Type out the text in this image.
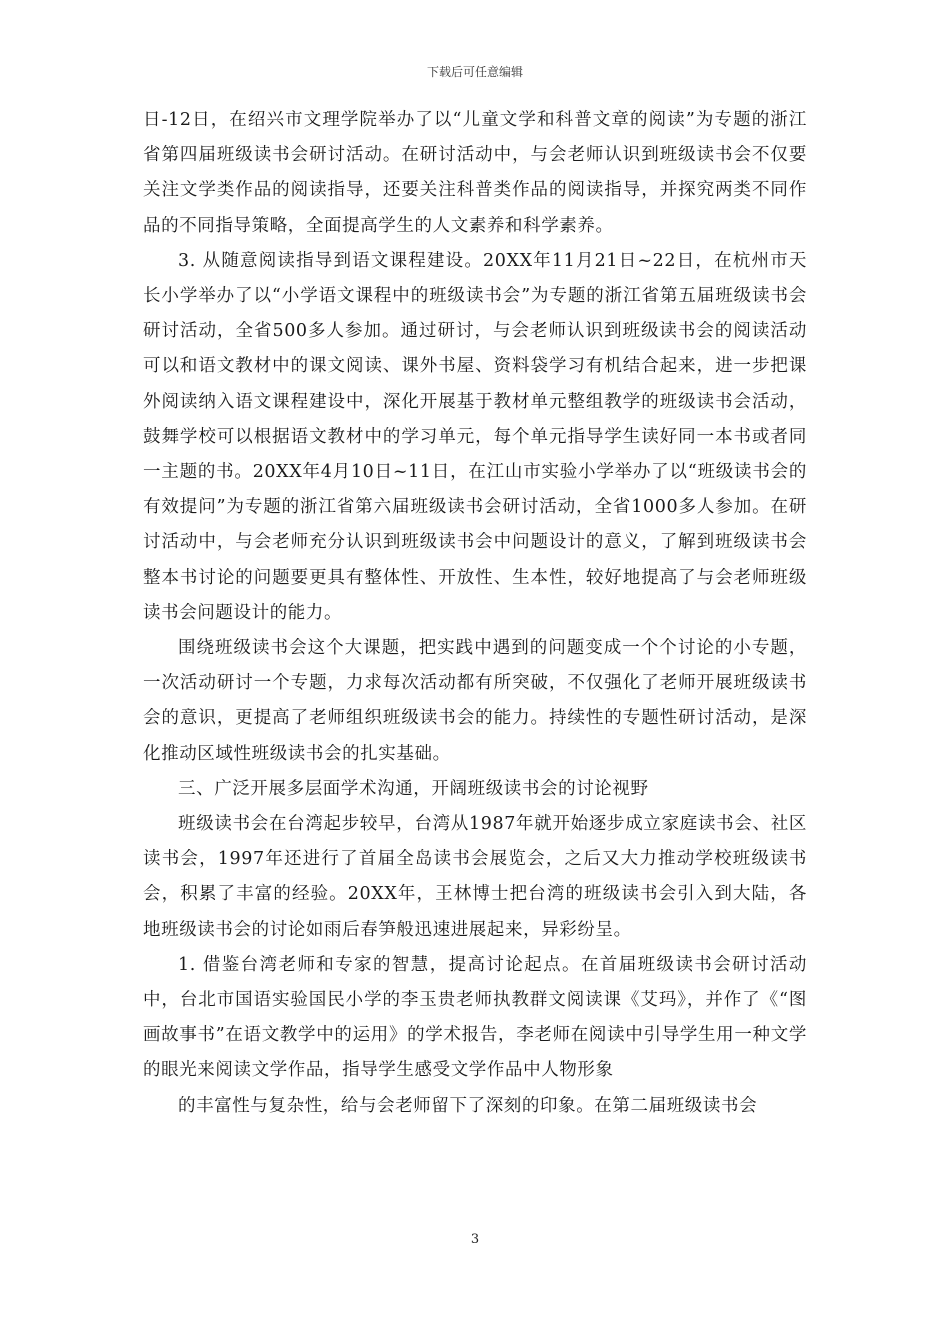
下载后可任意编辑

日-12日，在绍兴市文理学院举办了以“儿童文学和科普文章的阅读”为专题的浙江省第四届班级读书会研讨活动。在研讨活动中，与会老师认识到班级读书会不仅要关注文学类作品的阅读指导，还要关注科普类作品的阅读指导，并探究两类不同作品的不同指导策略，全面提高学生的人文素养和科学素养。

3. 从随意阅读指导到语文课程建设。20XX年11月21日~22日，在杭州市天长小学举办了以“小学语文课程中的班级读书会”为专题的浙江省第五届班级读书会研讨活动，全省500多人参加。通过研讨，与会老师认识到班级读书会的阅读活动可以和语文教材中的课文阅读、课外书屋、资料袋学习有机结合起来，进一步把课外阅读纳入语文课程建设中，深化开展基于教材单元整组教学的班级读书会活动，鼓舞学校可以根据语文教材中的学习单元，每个单元指导学生读好同一本书或者同一主题的书。20XX年4月10日~11日，在江山市实验小学举办了以“班级读书会的有效提问”为专题的浙江省第六届班级读书会研讨活动，全省1000多人参加。在研讨活动中，与会老师充分认识到班级读书会中问题设计的意义，了解到班级读书会整本书讨论的问题要更具有整体性、开放性、生本性，较好地提高了与会老师班级读书会问题设计的能力。

围绕班级读书会这个大课题，把实践中遇到的问题变成一个个讨论的小专题，一次活动研讨一个专题，力求每次活动都有所突破，不仅强化了老师开展班级读书会的意识，更提高了老师组织班级读书会的能力。持续性的专题性研讨活动，是深化推动区域性班级读书会的扎实基础。

三、广泛开展多层面学术沟通，开阔班级读书会的讨论视野

班级读书会在台湾起步较早，台湾从1987年就开始逐步成立家庭读书会、社区读书会，1997年还进行了首届全岛读书会展览会，之后又大力推动学校班级读书会，积累了丰富的经验。20XX年，王林博士把台湾的班级读书会引入到大陆，各地班级读书会的讨论如雨后春笋般迅速进展起来，异彩纷呈。

1. 借鉴台湾老师和专家的智慧，提高讨论起点。在首届班级读书会研讨活动中，台北市国语实验国民小学的李玉贵老师执教群文阅读课《艾玛》，并作了《“图画故事书”在语文教学中的运用》的学术报告，李老师在阅读中引导学生用一种文学的眼光来阅读文学作品，指导学生感受文学作品中人物形象

的丰富性与复杂性，给与会老师留下了深刻的印象。在第二届班级读书会

3
